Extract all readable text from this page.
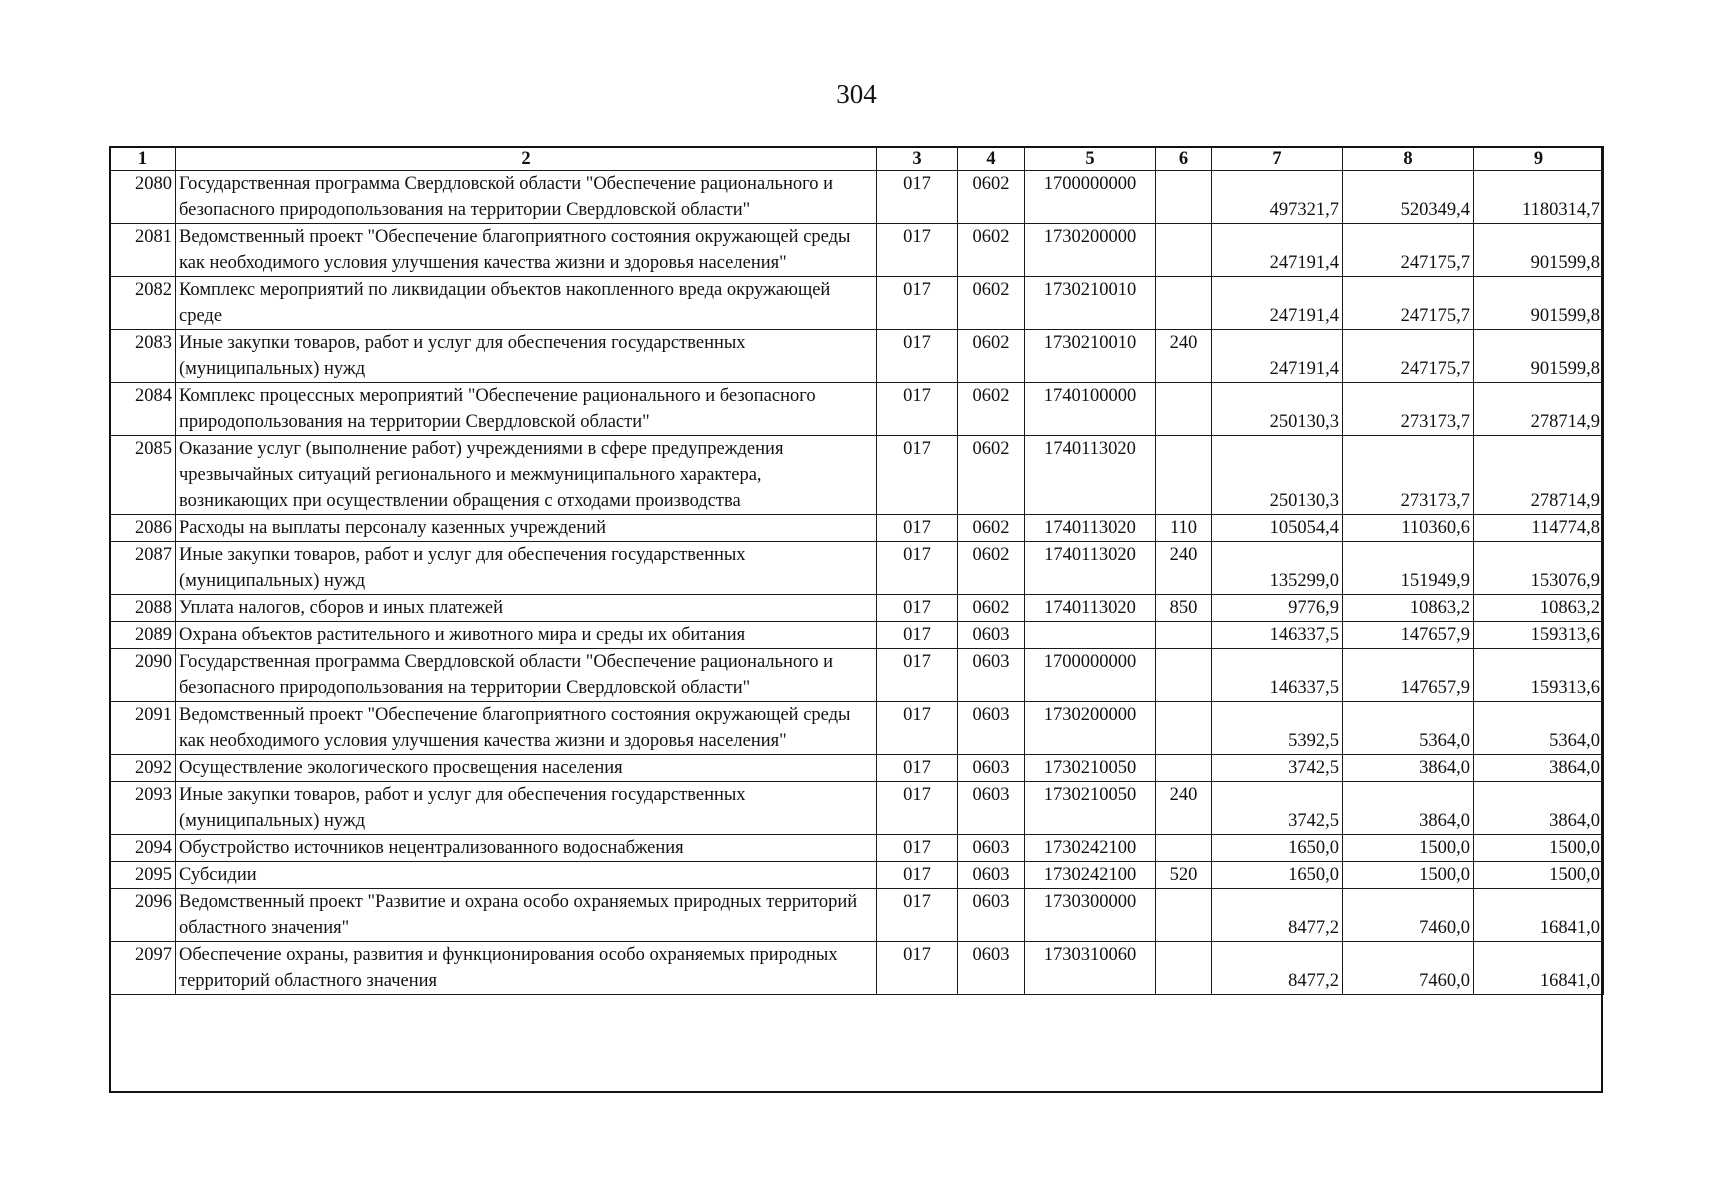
304
1	2	3	4	5	6	7	8	9
2080	Государственная программа Свердловской области "Обеспечение рационального и безопасного природопользования на территории Свердловской области"	017	0602	1700000000		497321,7	520349,4	1180314,7
2081	Ведомственный проект "Обеспечение благоприятного состояния окружающей среды как необходимого условия улучшения качества жизни и здоровья населения"	017	0602	1730200000		247191,4	247175,7	901599,8
2082	Комплекс мероприятий по ликвидации объектов накопленного вреда окружающей среде	017	0602	1730210010		247191,4	247175,7	901599,8
2083	Иные закупки товаров, работ и услуг для обеспечения государственных (муниципальных) нужд	017	0602	1730210010	240	247191,4	247175,7	901599,8
2084	Комплекс процессных мероприятий "Обеспечение рационального и безопасного природопользования на территории Свердловской области"	017	0602	1740100000		250130,3	273173,7	278714,9
2085	Оказание услуг (выполнение работ) учреждениями в сфере предупреждения чрезвычайных ситуаций регионального и межмуниципального характера, возникающих при осуществлении обращения с отходами производства	017	0602	1740113020		250130,3	273173,7	278714,9
2086	Расходы на выплаты персоналу казенных учреждений	017	0602	1740113020	110	105054,4	110360,6	114774,8
2087	Иные закупки товаров, работ и услуг для обеспечения государственных (муниципальных) нужд	017	0602	1740113020	240	135299,0	151949,9	153076,9
2088	Уплата налогов, сборов и иных платежей	017	0602	1740113020	850	9776,9	10863,2	10863,2
2089	Охрана объектов растительного и животного мира и среды их обитания	017	0603			146337,5	147657,9	159313,6
2090	Государственная программа Свердловской области "Обеспечение рационального и безопасного природопользования на территории Свердловской области"	017	0603	1700000000		146337,5	147657,9	159313,6
2091	Ведомственный проект "Обеспечение благоприятного состояния окружающей среды как необходимого условия улучшения качества жизни и здоровья населения"	017	0603	1730200000		5392,5	5364,0	5364,0
2092	Осуществление экологического просвещения населения	017	0603	1730210050		3742,5	3864,0	3864,0
2093	Иные закупки товаров, работ и услуг для обеспечения государственных (муниципальных) нужд	017	0603	1730210050	240	3742,5	3864,0	3864,0
2094	Обустройство источников нецентрализованного водоснабжения	017	0603	1730242100		1650,0	1500,0	1500,0
2095	Субсидии	017	0603	1730242100	520	1650,0	1500,0	1500,0
2096	Ведомственный проект "Развитие и охрана особо охраняемых природных территорий областного значения"	017	0603	1730300000		8477,2	7460,0	16841,0
2097	Обеспечение охраны, развития и функционирования особо охраняемых природных территорий областного значения	017	0603	1730310060		8477,2	7460,0	16841,0
